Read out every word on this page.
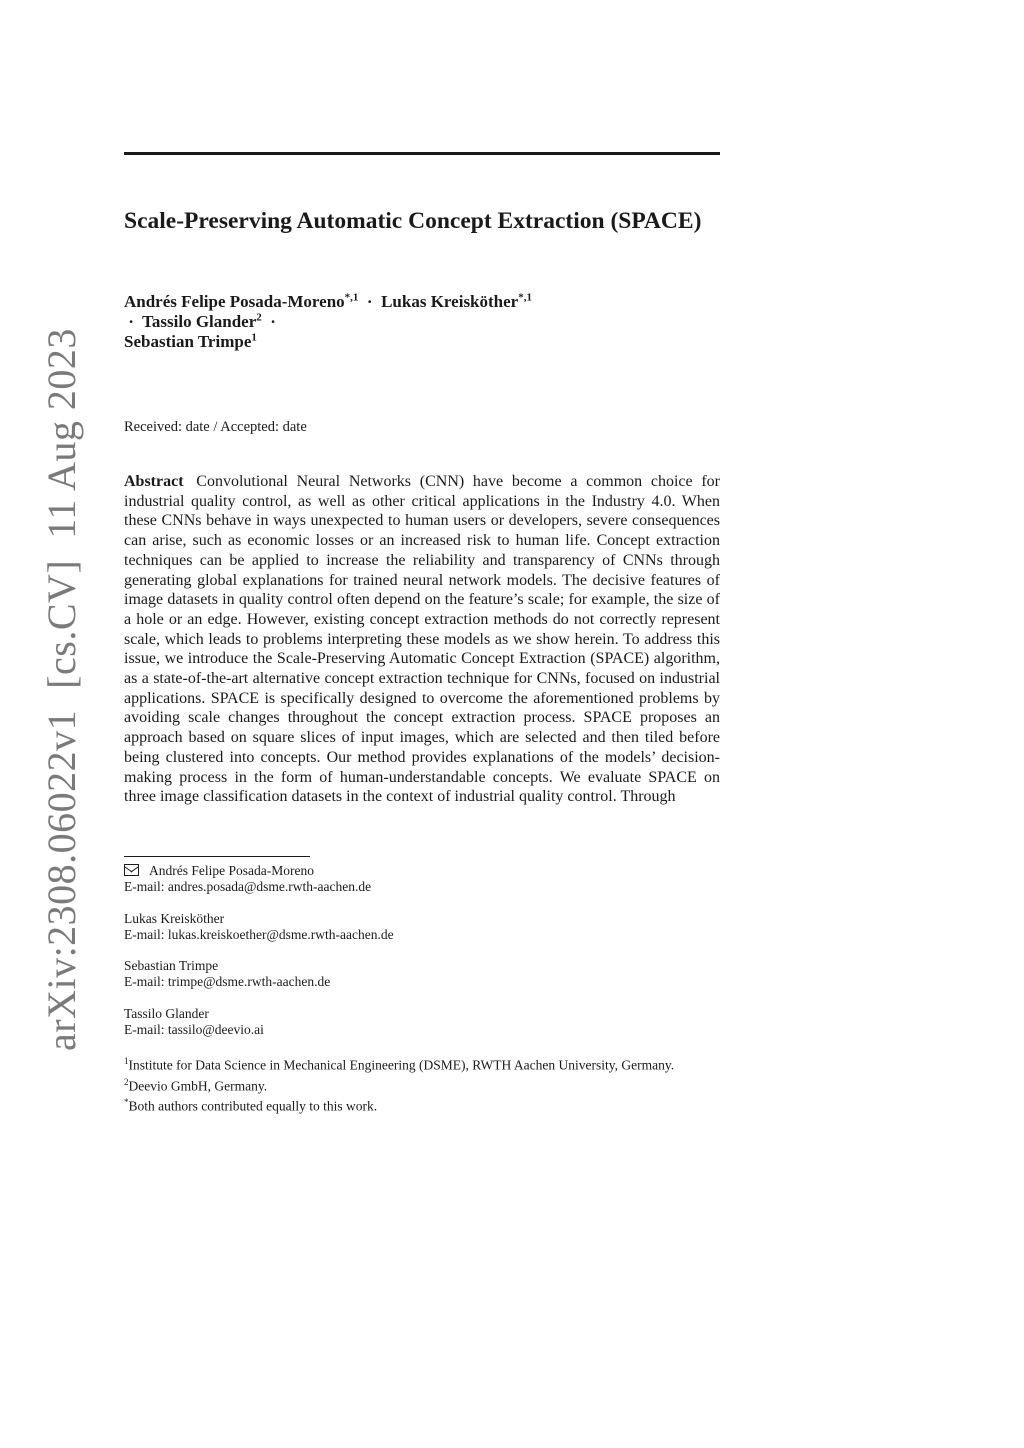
Scale-Preserving Automatic Concept Extraction (SPACE)
Andrés Felipe Posada-Moreno$^{*,1}$ · Lukas Kreisköther$^{*,1}$  · Tassilo Glander$^2$ ·
Sebastian Trimpe$^1$
Received: date / Accepted: date

Abstract Convolutional Neural Networks (CNN) have become a common choice for industrial quality control, as well as other critical applications in the Industry 4.0. When these CNNs behave in ways unexpected to human users or developers, severe consequences can arise, such as economic losses or an increased risk to human life. Concept extraction techniques can be applied to increase the reliability and transparency of CNNs through generating global explanations for trained neural network models. The decisive features of image datasets in quality control often depend on the feature’s scale; for example, the size of a hole or an edge. However, existing concept extraction methods do not correctly represent scale, which leads to problems interpreting these models as we show herein. To address this issue, we introduce the Scale-Preserving Automatic Concept Extraction (SPACE) algorithm, as a state-of-the-art alternative concept extraction technique for CNNs, focused on industrial applications. SPACE is specifically designed to overcome the aforementioned problems by avoiding scale changes throughout the concept extraction process. SPACE proposes an approach based on square slices of input images, which are selected and then tiled before being clustered into concepts. Our method provides explanations of the models’ decision-making process in the form of human-understandable concepts. We evaluate SPACE on three image classification datasets in the context of industrial quality control. Through

Andrés Felipe Posada-Moreno
E-mail: andres.posada@dsme.rwth-aachen.de
Lukas Kreisköther
E-mail: lukas.kreiskoether@dsme.rwth-aachen.de
Sebastian Trimpe
E-mail: trimpe@dsme.rwth-aachen.de
Tassilo Glander
E-mail: tassilo@deevio.ai

$^1$Institute for Data Science in Mechanical Engineering (DSME), RWTH Aachen University, Germany.

$^2$Deevio GmbH, Germany.

*Both authors contributed equally to this work.

arXiv:2308.06022v1  [cs.CV]  11 Aug 2023
